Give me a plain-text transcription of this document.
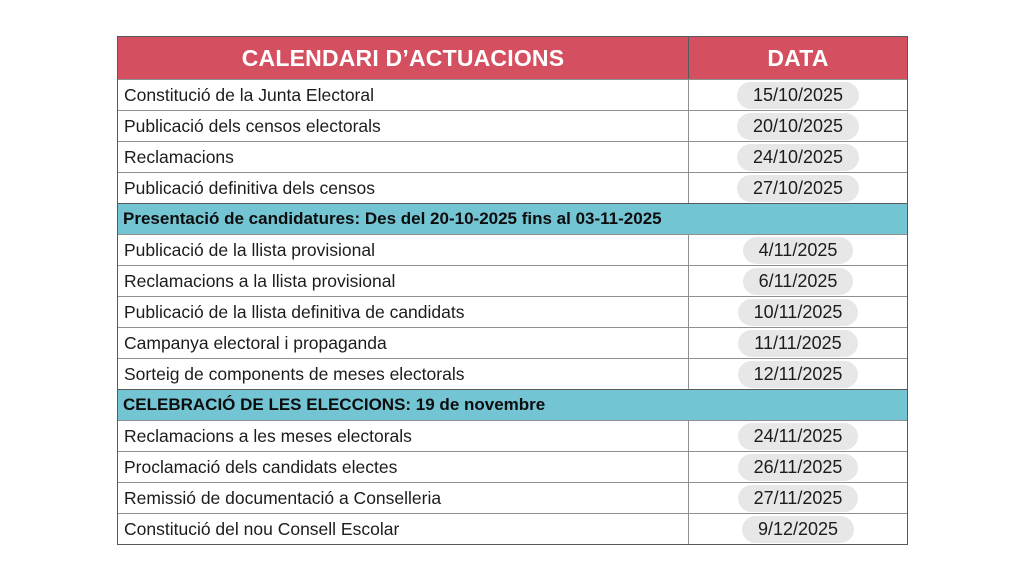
CALENDARI D’ACTUACIONS	DATA
Constitució de la Junta Electoral	15/10/2025
Publicació dels censos electorals	20/10/2025
Reclamacions	24/10/2025
Publicació definitiva dels censos	27/10/2025
Presentació de candidatures: Des del 20-10-2025 fins al 03-11-2025
Publicació de la llista provisional	4/11/2025
Reclamacions a la llista provisional	6/11/2025
Publicació de la llista definitiva de candidats	10/11/2025
Campanya electoral i propaganda	11/11/2025
Sorteig de components de meses electorals	12/11/2025
CELEBRACIÓ DE LES ELECCIONS: 19 de novembre
Reclamacions a les meses electorals	24/11/2025
Proclamació dels candidats electes	26/11/2025
Remissió de documentació a Conselleria	27/11/2025
Constitució del nou Consell Escolar	9/12/2025
